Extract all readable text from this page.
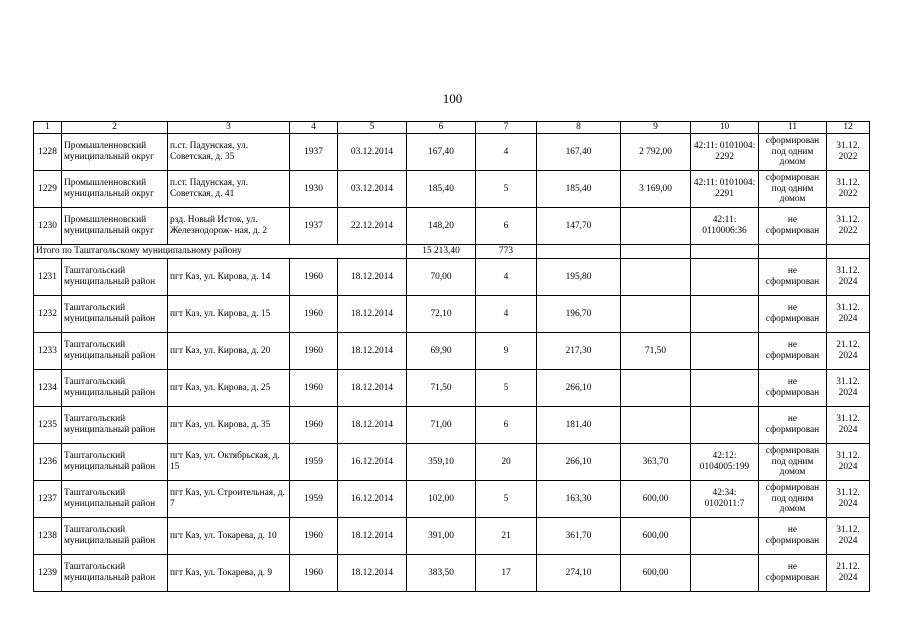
100
1	2	3	4	5	6	7	8	9	10	11	12
1228	Промышленновский муниципальный округ	п.ст. Падунская, ул. Советская, д. 35	1937	03.12.2014	167,40	4	167,40	2 792,00	42:11: 0101004: 2292	сформирован под одним домом	31.12. 2022
1229	Промышленновский муниципальный округ	п.ст. Падунская, ул. Советская, д. 41	1930	03.12.2014	185,40	5	185,40	3 169,00	42:11: 0101004: 2291	сформирован под одним домом	31.12. 2022
1230	Промышленновский муниципальный округ	рзд. Новый Исток, ул. Железнодорож- ная, д. 2	1937	22.12.2014	148,20	6	147,70		42:11: 0110006:36	не сформирован	31.12. 2022
Итого по Таштагольскому муниципальному району					15 213,40	773					
1231	Таштагольский муниципальный район	пгт Каз, ул. Кирова, д. 14	1960	18.12.2014	70,00	4	195,80			не сформирован	31.12. 2024
1232	Таштагольский муниципальный район	пгт Каз, ул. Кирова, д. 15	1960	18.12.2014	72,10	4	196,70			не сформирован	31.12. 2024
1233	Таштагольский муниципальный район	пгт Каз, ул. Кирова, д. 20	1960	18.12.2014	69,90	9	217,30	71,50		не сформирован	21.12. 2024
1234	Таштагольский муниципальный район	пгт Каз, ул. Кирова, д. 25	1960	18.12.2014	71,50	5	266,10			не сформирован	31.12. 2024
1235	Таштагольский муниципальный район	пгт Каз, ул. Кирова, д. 35	1960	18.12.2014	71,00	6	181,40			не сформирован	31.12. 2024
1236	Таштагольский муниципальный район	пгт Каз, ул. Октябрьская, д. 15	1959	16.12.2014	359,10	20	266,10	363,70	42:12: 0104005:199	сформирован под одним домом	31.12. 2024
1237	Таштагольский муниципальный район	пгт Каз, ул. Строительная, д. 7	1959	16.12.2014	102,00	5	163,30	600,00	42:34: 0102011:7	сформирован под одним домом	31.12. 2024
1238	Таштагольский муниципальный район	пгт Каз, ул. Токарева, д. 10	1960	18.12.2014	391,00	21	361,70	600,00		не сформирован	31.12. 2024
1239	Таштагольский муниципальный район	пгт Каз, ул. Токарева, д. 9	1960	18.12.2014	383,50	17	274,10	600,00		не сформирован	21.12. 2024
